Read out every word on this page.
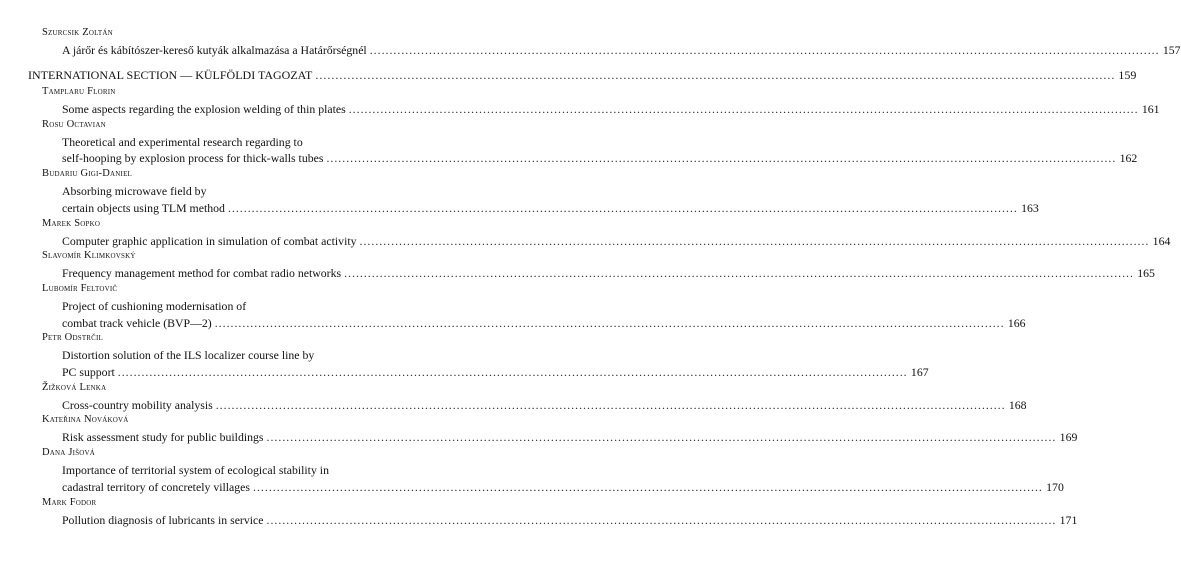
Szurcsik Zoltán
A járőr és kábítószer-kereső kutyák alkalmazása a Határőrségnél ........................................................................................................................................................................................................ 157
INTERNATIONAL SECTION — KÜLFÖLDI TAGOZAT ........................................................................................................................................................................................................ 159
Tamplaru Florin
Some aspects regarding the explosion welding of thin plates ........................................................................................................................................................................................................ 161
Rosu Octavian
Theoretical and experimental research regarding to
self-hooping by explosion process for thick-walls tubes ........................................................................................................................................................................................................ 162
Budariu Gigi-Daniel
Absorbing microwave field by
certain objects using TLM method ........................................................................................................................................................................................................ 163
Marek Sopko
Computer graphic application in simulation of combat activity ........................................................................................................................................................................................................ 164
Slavomír Klimkovský
Frequency management method for combat radio networks ........................................................................................................................................................................................................ 165
Lubomír Feltovič
Project of cushioning modernisation of
combat track vehicle (BVP—2) ........................................................................................................................................................................................................ 166
Petr Odstrčil
Distortion solution of the ILS localizer course line by
PC support ........................................................................................................................................................................................................ 167
Žižková Lenka
Cross-country mobility analysis ........................................................................................................................................................................................................ 168
Kateřina Nováková
Risk assessment study for public buildings ........................................................................................................................................................................................................ 169
Dana Jišová
Importance of territorial system of ecological stability in
cadastral territory of concretely villages ........................................................................................................................................................................................................ 170
Mark Fodor
Pollution diagnosis of lubricants in service ........................................................................................................................................................................................................ 171
